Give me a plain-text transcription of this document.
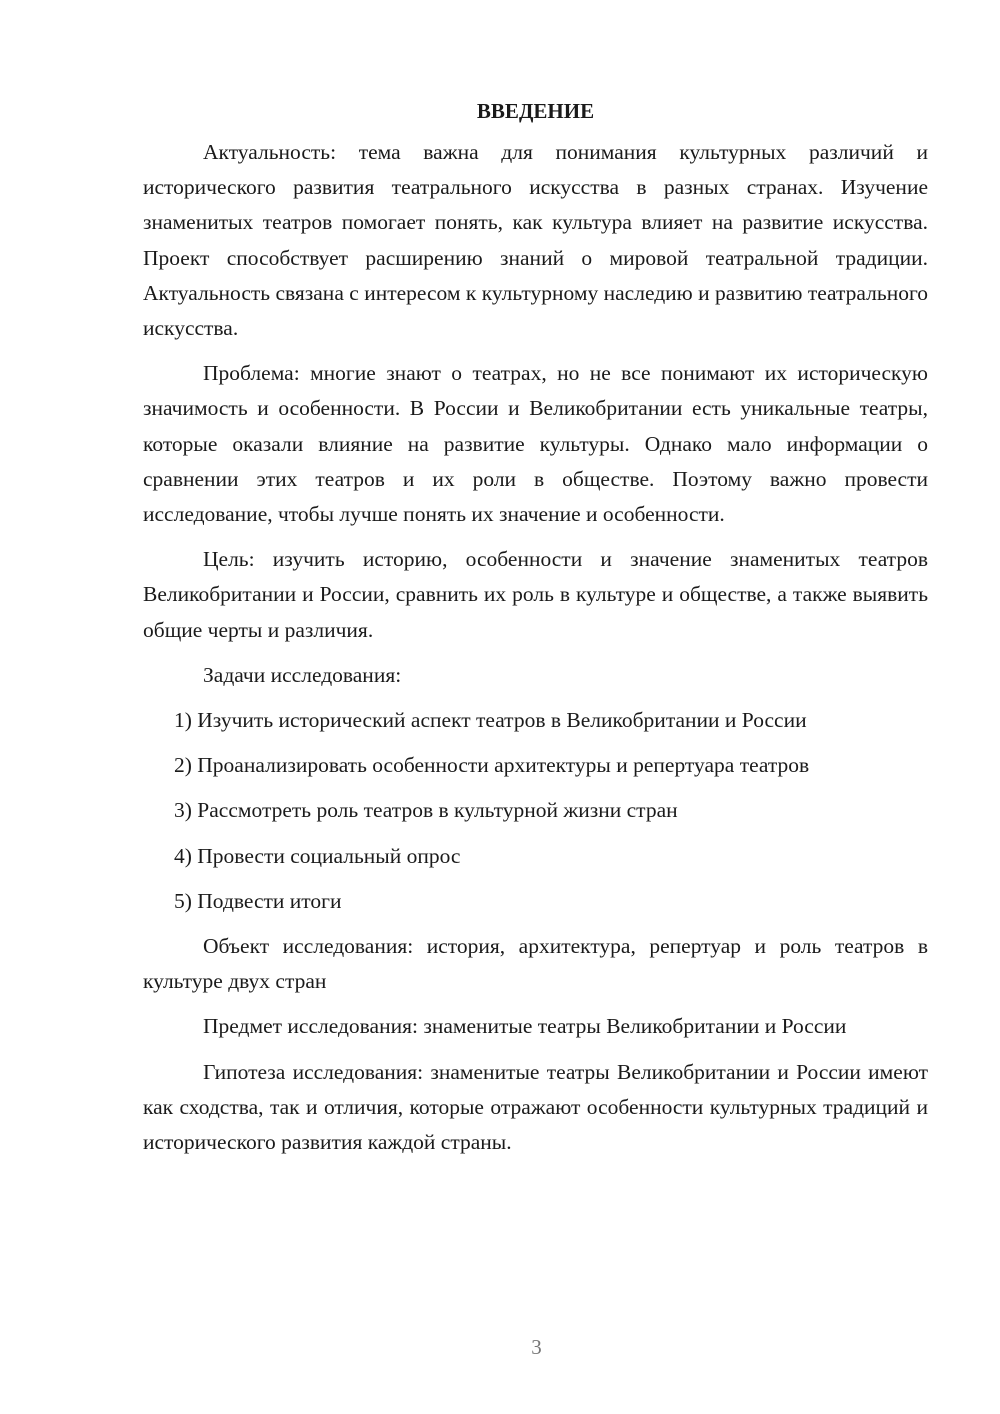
ВВЕДЕНИЕ

Актуальность: тема важна для понимания культурных различий и исторического развития театрального искусства в разных странах. Изучение знаменитых театров помогает понять, как культура влияет на развитие искусства. Проект способствует расширению знаний о мировой театральной традиции. Актуальность связана с интересом к культурному наследию и развитию театрального искусства.

Проблема: многие знают о театрах, но не все понимают их историческую значимость и особенности. В России и Великобритании есть уникальные театры, которые оказали влияние на развитие культуры. Однако мало информации о сравнении этих театров и их роли в обществе. Поэтому важно провести исследование, чтобы лучше понять их значение и особенности.

Цель: изучить историю, особенности и значение знаменитых театров Великобритании и России, сравнить их роль в культуре и обществе, а также выявить общие черты и различия.

Задачи исследования:

1) Изучить исторический аспект театров в Великобритании и России

2) Проанализировать особенности архитектуры и репертуара театров

3) Рассмотреть роль театров в культурной жизни стран

4) Провести социальный опрос

5) Подвести итоги

Объект исследования: история, архитектура, репертуар и роль театров в культуре двух стран

Предмет исследования: знаменитые театры Великобритании и России

Гипотеза исследования: знаменитые театры Великобритании и России имеют как сходства, так и отличия, которые отражают особенности культурных традиций и исторического развития каждой страны.

3
